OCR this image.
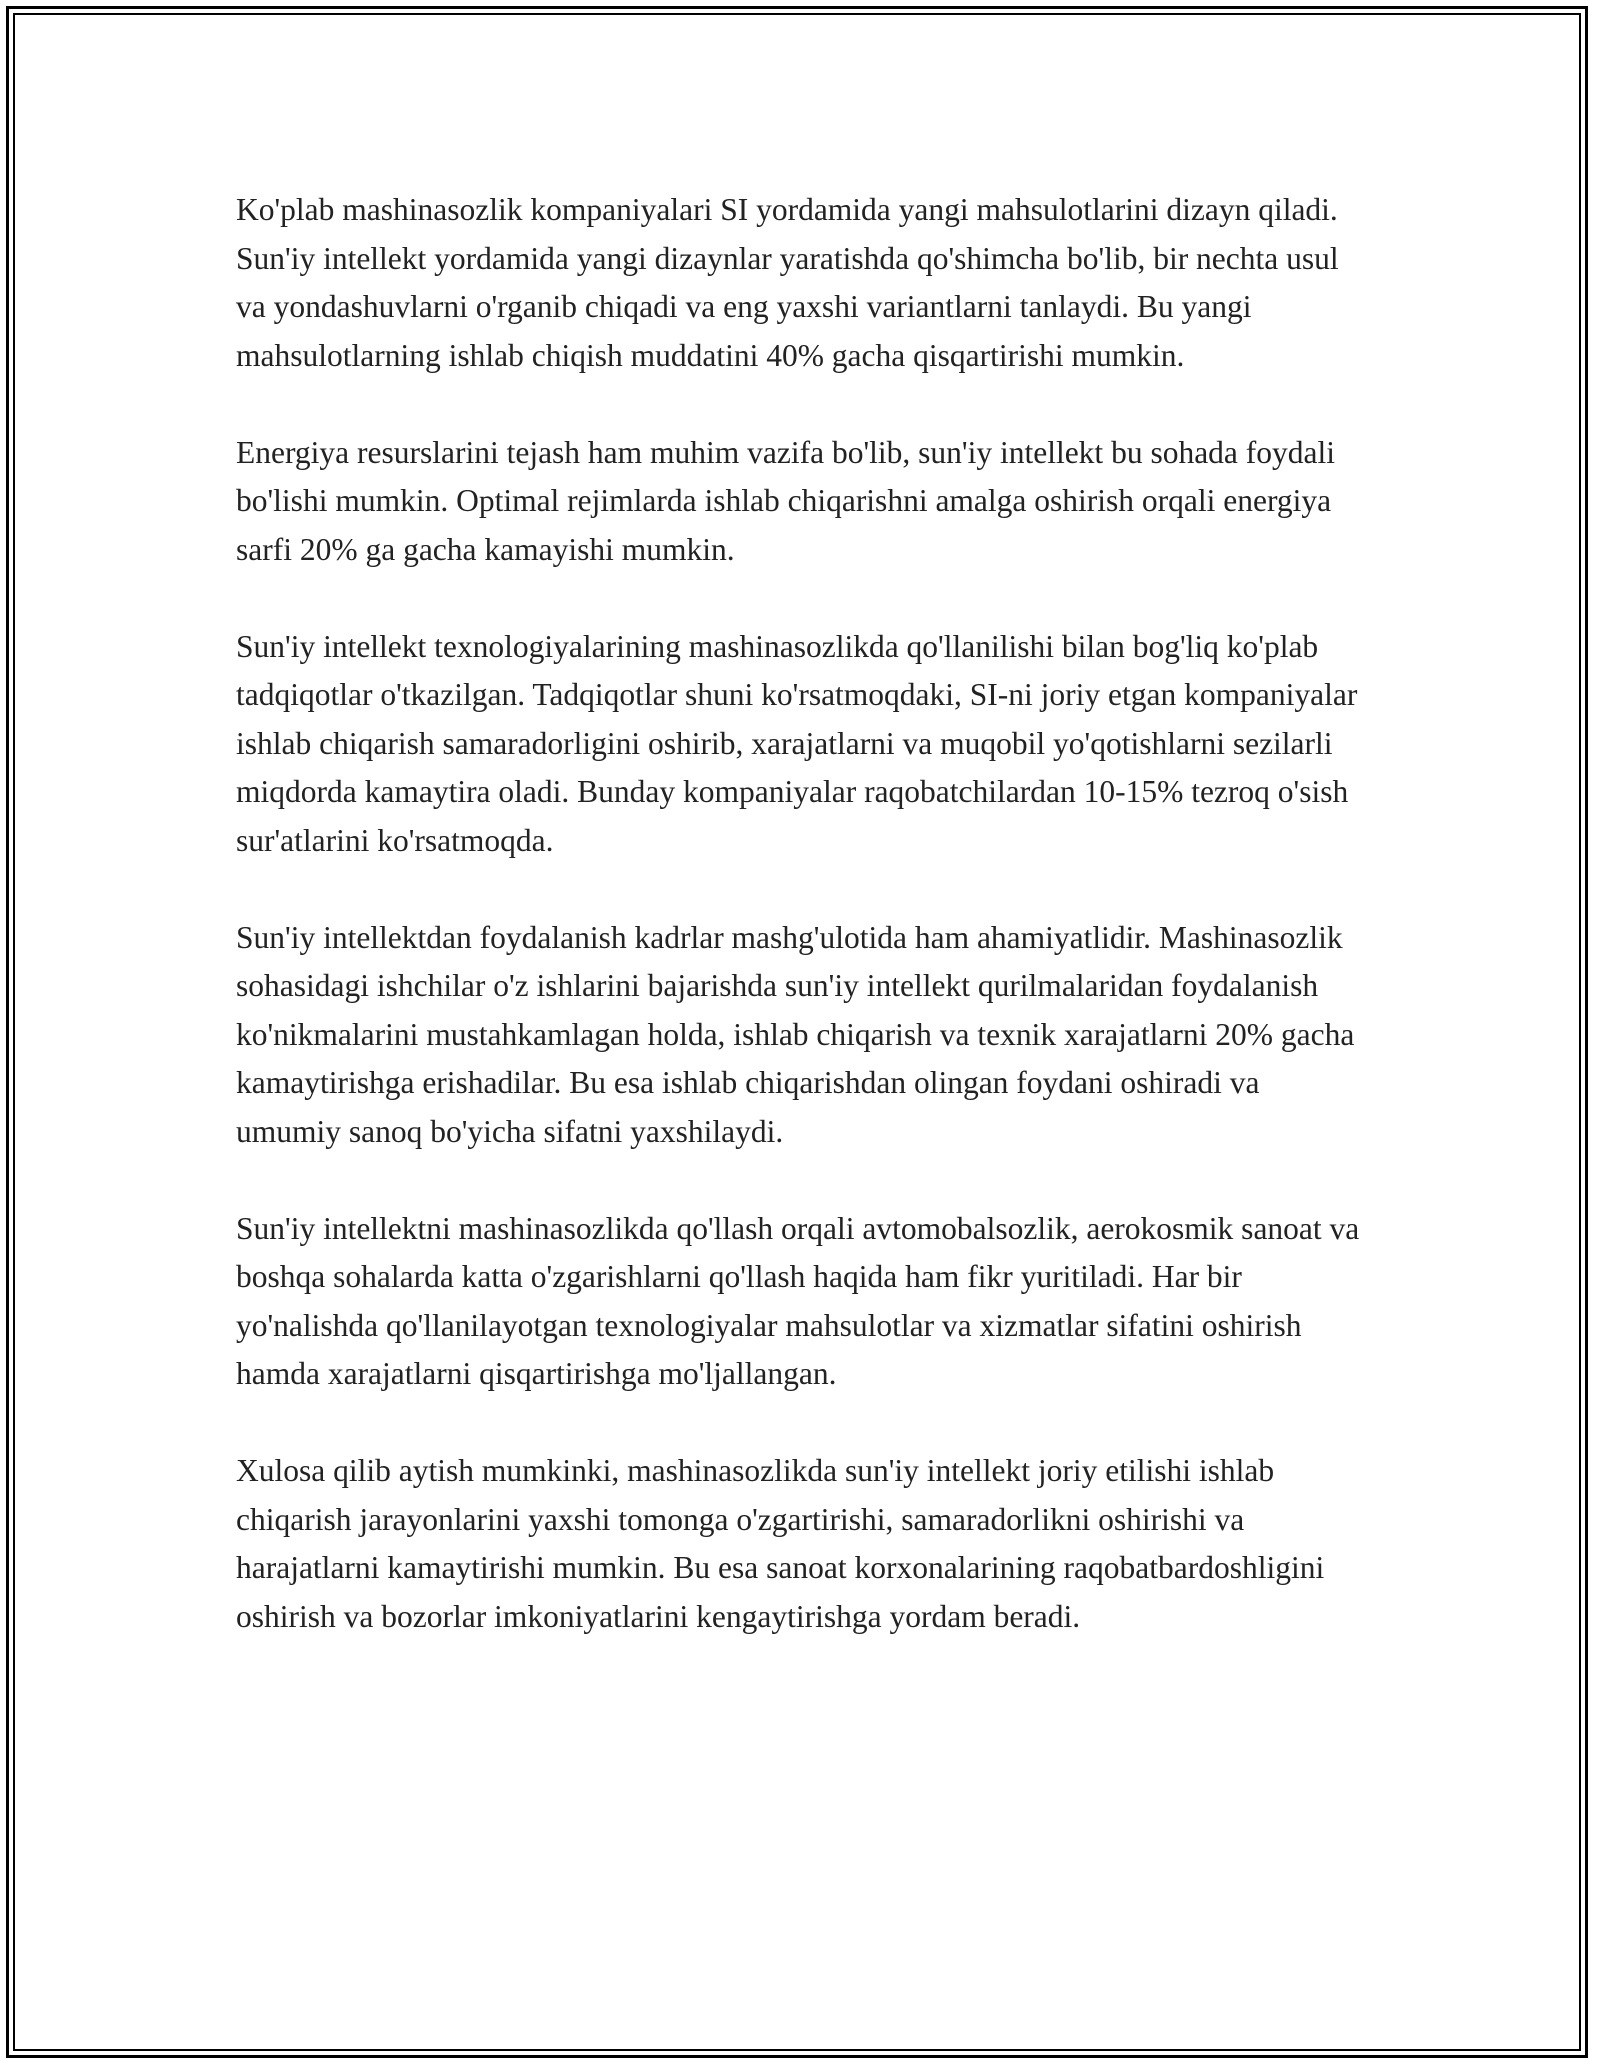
Ko'plab mashinasozlik kompaniyalari SI yordamida yangi mahsulotlarini dizayn qiladi. Sun'iy intellekt yordamida yangi dizaynlar yaratishda qo'shimcha bo'lib, bir nechta usul va yondashuvlarni o'rganib chiqadi va eng yaxshi variantlarni tanlaydi. Bu yangi mahsulotlarning ishlab chiqish muddatini 40% gacha qisqartirishi mumkin.

Energiya resurslarini tejash ham muhim vazifa bo'lib, sun'iy intellekt bu sohada foydali bo'lishi mumkin. Optimal rejimlarda ishlab chiqarishni amalga oshirish orqali energiya sarfi 20% ga gacha kamayishi mumkin.

Sun'iy intellekt texnologiyalarining mashinasozlikda qo'llanilishi bilan bog'liq ko'plab tadqiqotlar o'tkazilgan. Tadqiqotlar shuni ko'rsatmoqdaki, SI-ni joriy etgan kompaniyalar ishlab chiqarish samaradorligini oshirib, xarajatlarni va muqobil yo'qotishlarni sezilarli miqdorda kamaytira oladi. Bunday kompaniyalar raqobatchilardan 10-15% tezroq o'sish sur'atlarini ko'rsatmoqda.

Sun'iy intellektdan foydalanish kadrlar mashg'ulotida ham ahamiyatlidir. Mashinasozlik sohasidagi ishchilar o'z ishlarini bajarishda sun'iy intellekt qurilmalaridan foydalanish ko'nikmalarini mustahkamlagan holda, ishlab chiqarish va texnik xarajatlarni 20% gacha kamaytirishga erishadilar. Bu esa ishlab chiqarishdan olingan foydani oshiradi va umumiy sanoq bo'yicha sifatni yaxshilaydi.

Sun'iy intellektni mashinasozlikda qo'llash orqali avtomobalsozlik, aerokosmik sanoat va boshqa sohalarda katta o'zgarishlarni qo'llash haqida ham fikr yuritiladi. Har bir yo'nalishda qo'llanilayotgan texnologiyalar mahsulotlar va xizmatlar sifatini oshirish hamda xarajatlarni qisqartirishga mo'ljallangan.

Xulosa qilib aytish mumkinki, mashinasozlikda sun'iy intellekt joriy etilishi ishlab chiqarish jarayonlarini yaxshi tomonga o'zgartirishi, samaradorlikni oshirishi va harajatlarni kamaytirishi mumkin. Bu esa sanoat korxonalarining raqobatbardoshligini oshirish va bozorlar imkoniyatlarini kengaytirishga yordam beradi.
